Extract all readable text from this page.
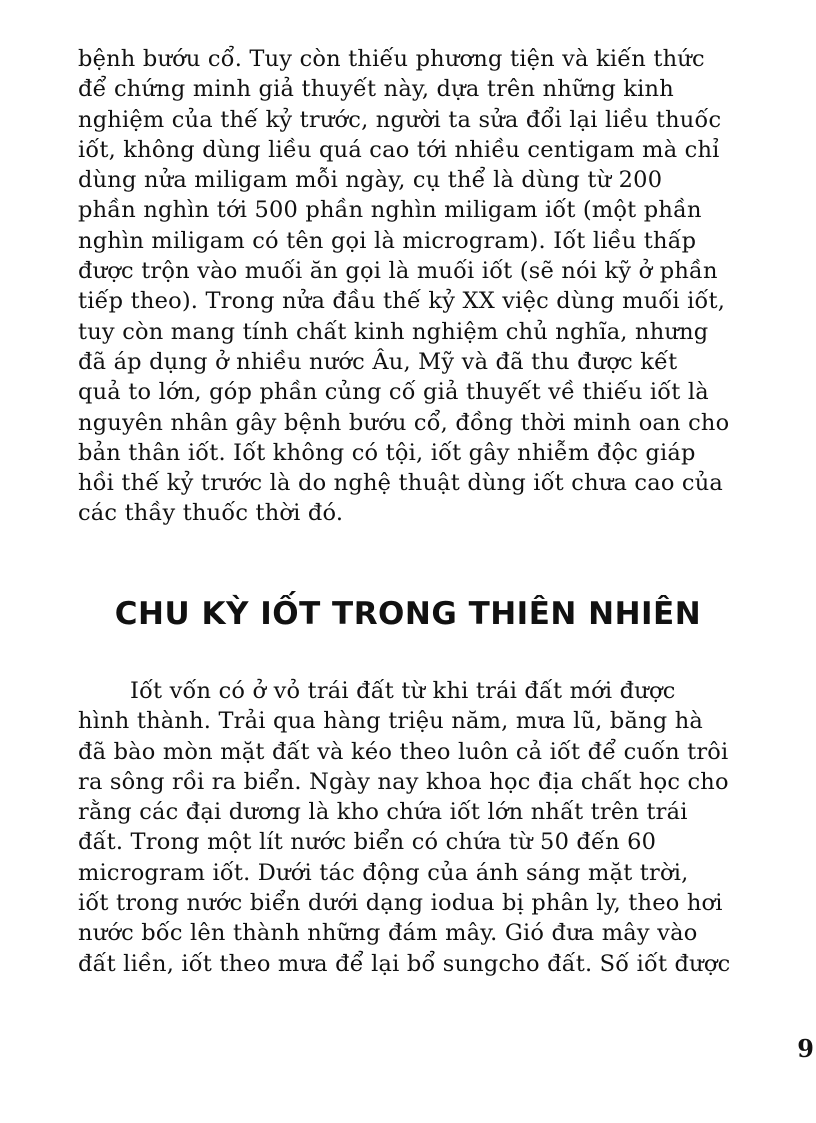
bệnh bướu cổ. Tuy còn thiếu phương tiện và kiến thức
để chứng minh giả thuyết này, dựa trên những kinh
nghiệm của thế kỷ trước, người ta sửa đổi lại liều thuốc
iốt, không dùng liều quá cao tới nhiều centigam mà chỉ
dùng nửa miligam mỗi ngày, cụ thể là dùng từ 200
phần nghìn tới 500 phần nghìn miligam iốt (một phần
nghìn miligam có tên gọi là microgram). Iốt liều thấp
được trộn vào muối ăn gọi là muối iốt (sẽ nói kỹ ở phần
tiếp theo). Trong nửa đầu thế kỷ XX việc dùng muối iốt,
tuy còn mang tính chất kinh nghiệm chủ nghĩa, nhưng
đã áp dụng ở nhiều nước Âu, Mỹ và đã thu được kết
quả to lớn, góp phần củng cố giả thuyết về thiếu iốt là
nguyên nhân gây bệnh bướu cổ, đồng thời minh oan cho
bản thân iốt. Iốt không có tội, iốt gây nhiễm độc giáp
hồi thế kỷ trước là do nghệ thuật dùng iốt chưa cao của
các thầy thuốc thời đó.
CHU KỲ IỐT TRONG THIÊN NHIÊN
Iốt vốn có ở vỏ trái đất từ khi trái đất mới được
hình thành. Trải qua hàng triệu năm, mưa lũ, băng hà
đã bào mòn mặt đất và kéo theo luôn cả iốt để cuốn trôi
ra sông rồi ra biển. Ngày nay khoa học địa chất học cho
rằng các đại dương là kho chứa iốt lớn nhất trên trái
đất. Trong một lít nước biển có chứa từ 50 đến 60
microgram iốt. Dưới tác động của ánh sáng mặt trời,
iốt trong nước biển dưới dạng iodua bị phân ly, theo hơi
nước bốc lên thành những đám mây. Gió đưa mây vào
đất liền, iốt theo mưa để lại bổ sungcho đất. Số iốt được
9
